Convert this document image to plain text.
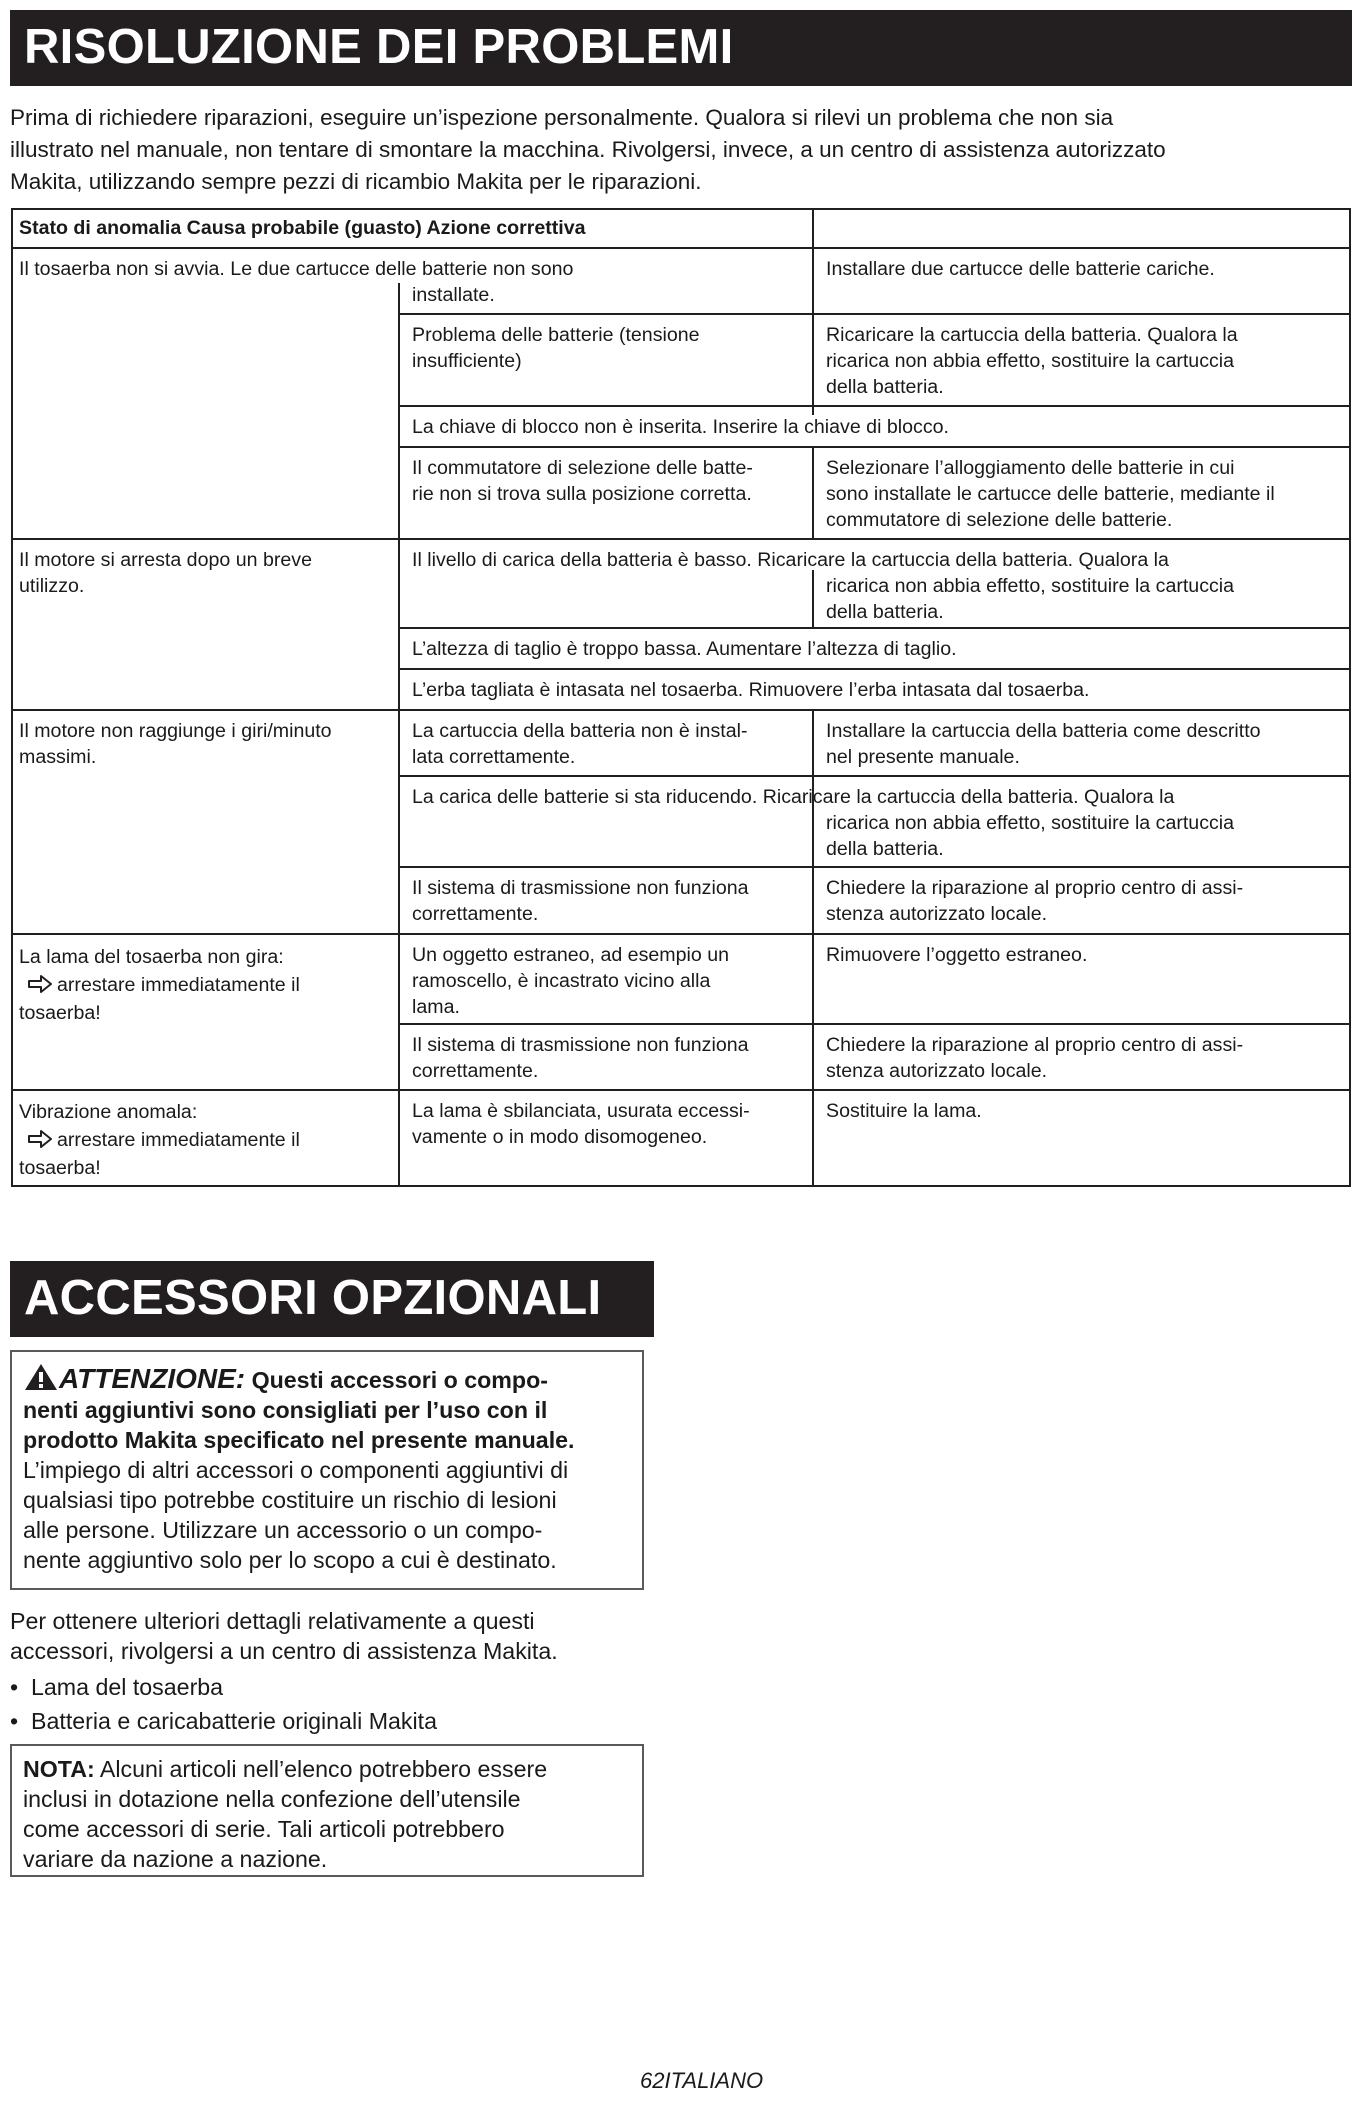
RISOLUZIONE DEI PROBLEMI
Prima di richiedere riparazioni, eseguire un’ispezione personalmente. Qualora si rilevi un problema che non sia
illustrato nel manuale, non tentare di smontare la macchina. Rivolgersi, invece, a un centro di assistenza autorizzato
Makita, utilizzando sempre pezzi di ricambio Makita per le riparazioni.
Stato di anomalia Causa probabile (guasto) Azione correttiva
Il tosaerba non si avvia. Le due cartucce delle batterie non sono
Il motore si arresta dopo un breve
utilizzo.
Il motore non raggiunge i giri/minuto
massimi.
La lama del tosaerba non gira:
arrestare immediatamente il
tosaerba!
Vibrazione anomala:
arrestare immediatamente il
tosaerba!
installate.
Problema delle batterie (tensione
insufficiente)
La chiave di blocco non è inserita. Inserire la chiave di blocco.
Il commutatore di selezione delle batte-
rie non si trova sulla posizione corretta.
Il livello di carica della batteria è basso. Ricaricare la cartuccia della batteria. Qualora la
L’altezza di taglio è troppo bassa. Aumentare l’altezza di taglio.
L’erba tagliata è intasata nel tosaerba. Rimuovere l’erba intasata dal tosaerba.
La cartuccia della batteria non è instal-
lata correttamente.
La carica delle batterie si sta riducendo. Ricaricare la cartuccia della batteria. Qualora la
Il sistema di trasmissione non funziona
correttamente.
Un oggetto estraneo, ad esempio un
ramoscello, è incastrato vicino alla
lama.
Il sistema di trasmissione non funziona
correttamente.
La lama è sbilanciata, usurata eccessi-
vamente o in modo disomogeneo.
Installare due cartucce delle batterie cariche.
Ricaricare la cartuccia della batteria. Qualora la
ricarica non abbia effetto, sostituire la cartuccia
della batteria.
Selezionare l’alloggiamento delle batterie in cui
sono installate le cartucce delle batterie, mediante il
commutatore di selezione delle batterie.
ricarica non abbia effetto, sostituire la cartuccia
della batteria.
Installare la cartuccia della batteria come descritto
nel presente manuale.
ricarica non abbia effetto, sostituire la cartuccia
della batteria.
Chiedere la riparazione al proprio centro di assi-
stenza autorizzato locale.
Rimuovere l’oggetto estraneo.
Chiedere la riparazione al proprio centro di assi-
stenza autorizzato locale.
Sostituire la lama.
ACCESSORI OPZIONALI
ATTENZIONE: Questi accessori o compo-
nenti aggiuntivi sono consigliati per l’uso con il
prodotto Makita specificato nel presente manuale.
L’impiego di altri accessori o componenti aggiuntivi di
qualsiasi tipo potrebbe costituire un rischio di lesioni
alle persone. Utilizzare un accessorio o un compo-
nente aggiuntivo solo per lo scopo a cui è destinato.
Per ottenere ulteriori dettagli relativamente a questi
accessori, rivolgersi a un centro di assistenza Makita.
•  Lama del tosaerba
•  Batteria e caricabatterie originali Makita
NOTA: Alcuni articoli nell’elenco potrebbero essere
inclusi in dotazione nella confezione dell’utensile
come accessori di serie. Tali articoli potrebbero
variare da nazione a nazione.
62ITALIANO
